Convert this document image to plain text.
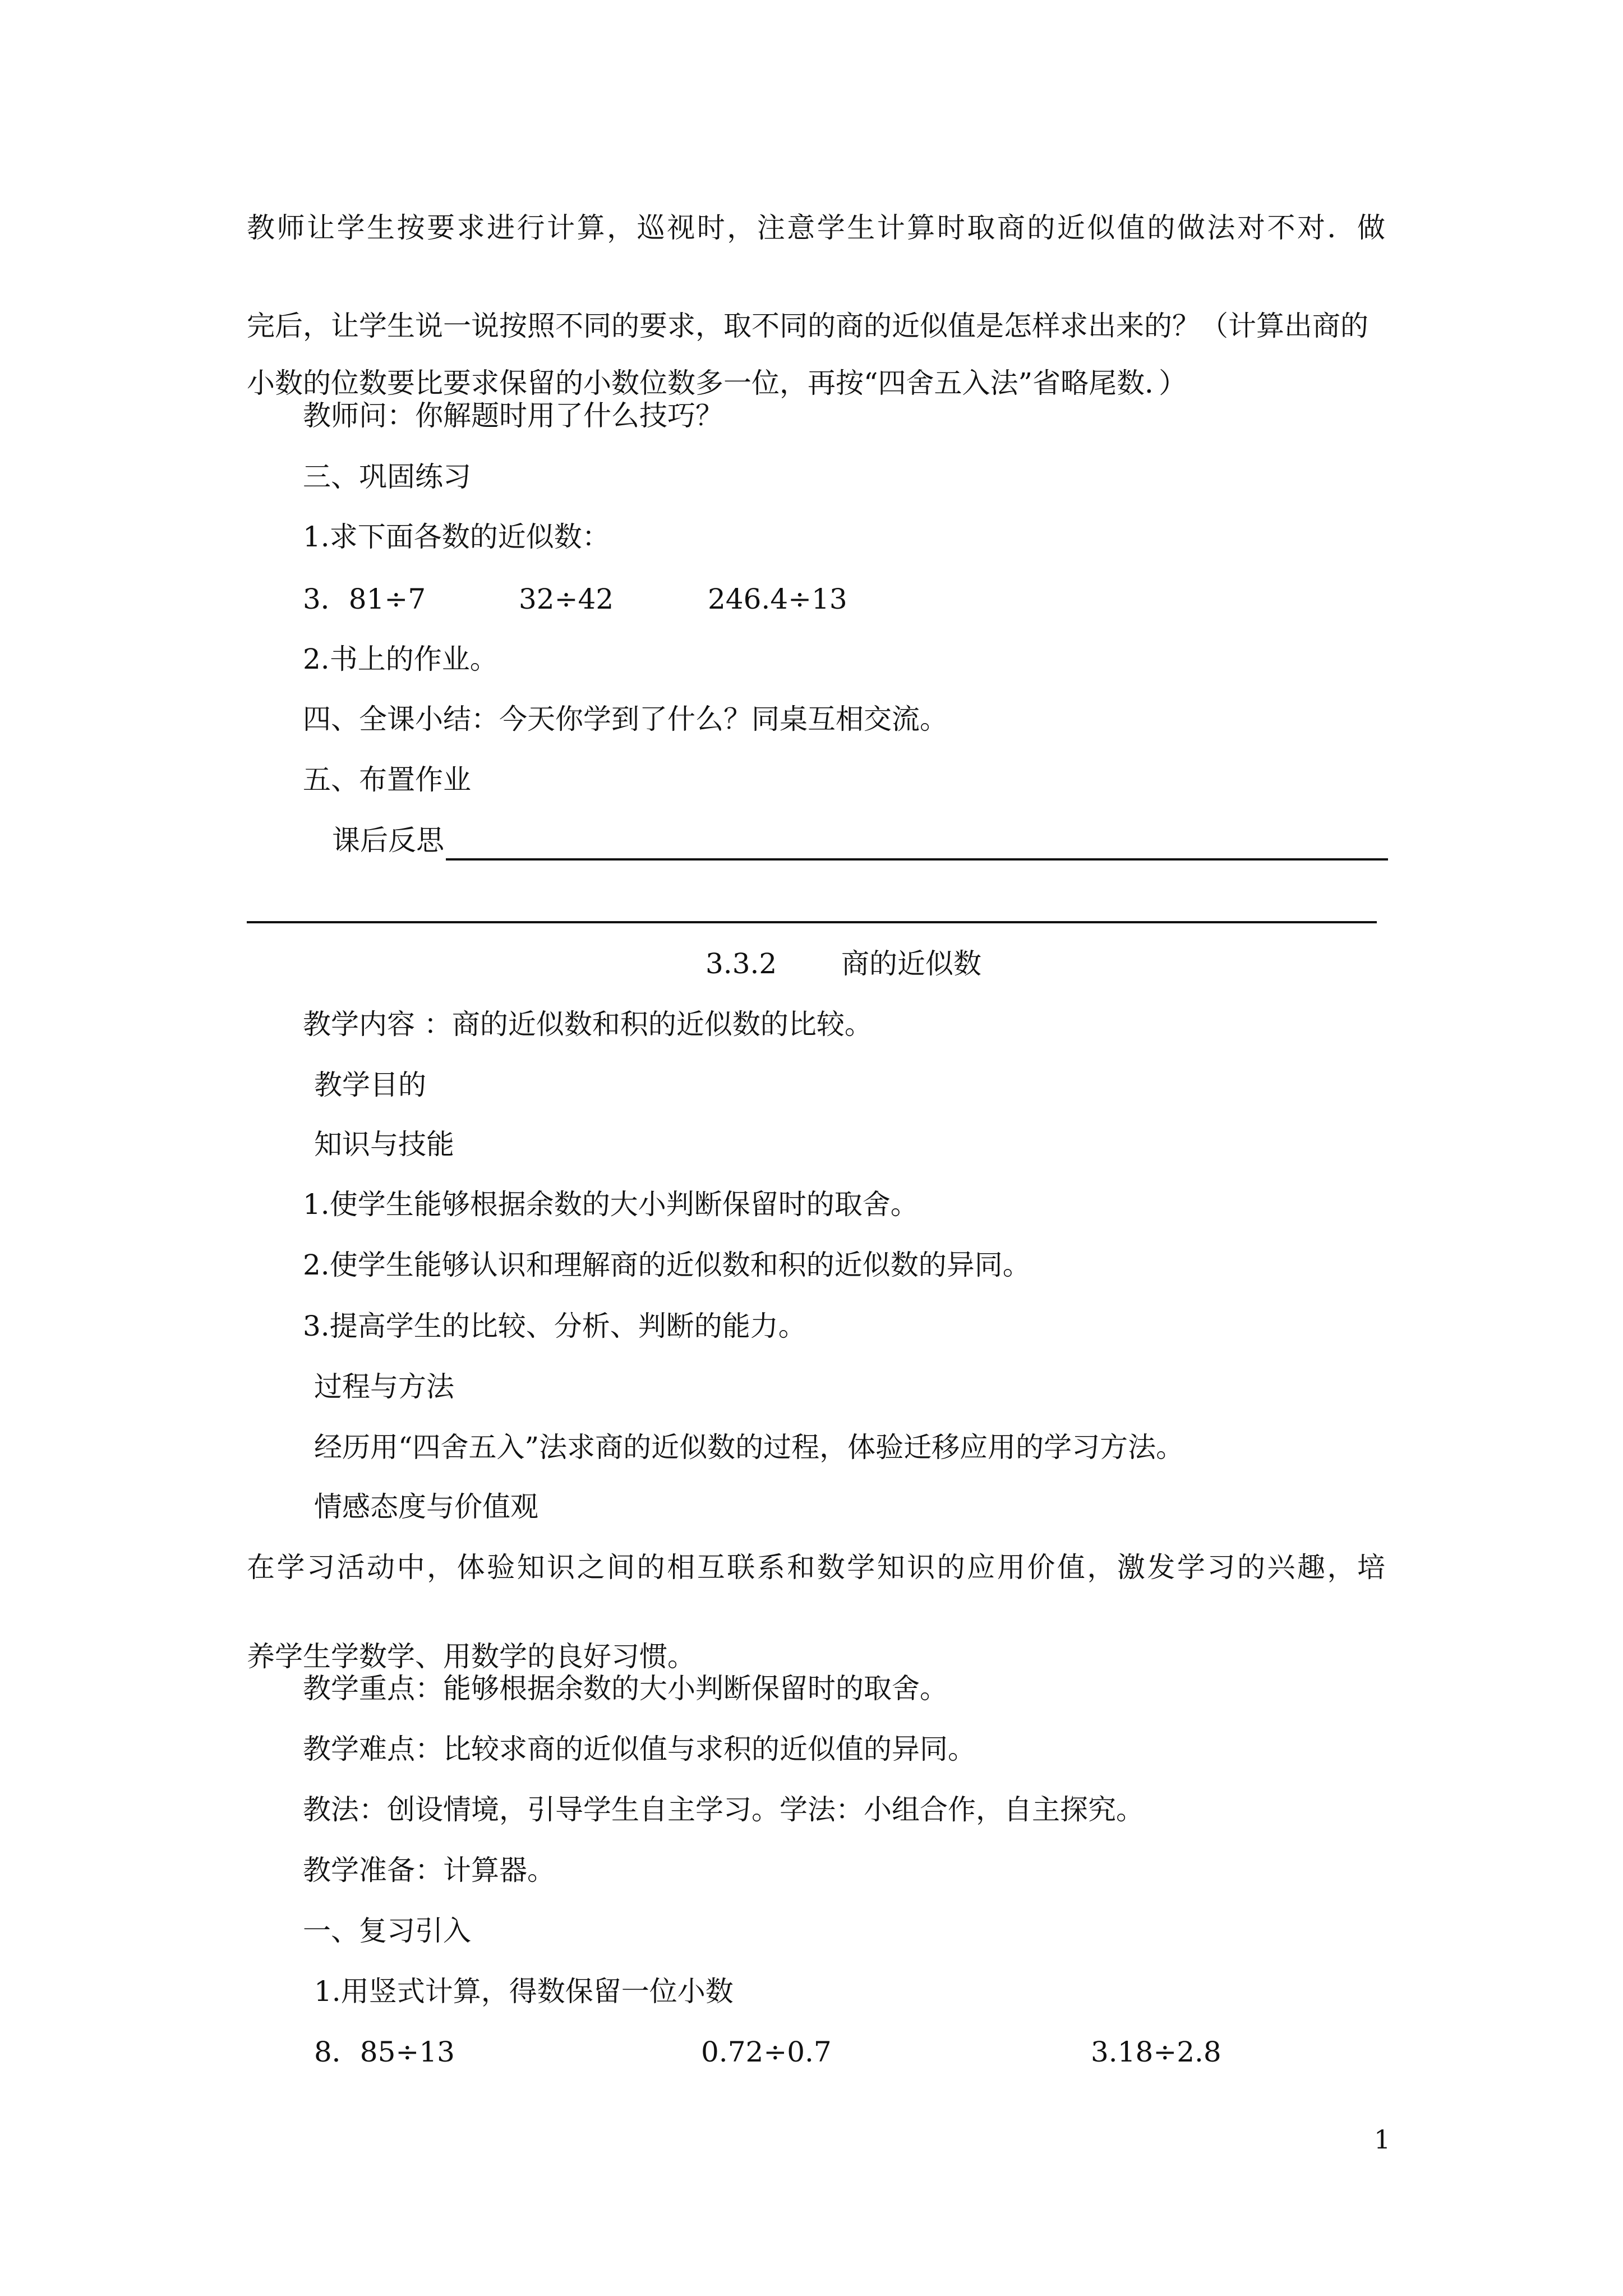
教师让学生按要求进行计算，巡视时，注意学生计算时取商的近似值的做法对不对．做

完后，让学生说一说按照不同的要求，取不同的商的近似值是怎样求出来的？（计算出商的

小数的位数要比要求保留的小数位数多一位，再按“四舍五入法”省略尾数．）

教师问：你解题时用了什么技巧？

三、巩固练习

1.求下面各数的近似数：

3．81÷7	32÷42	246.4÷13

2.书上的作业。

四、全课小结：今天你学到了什么？同桌互相交流。

五、布置作业

课后反思

3.3.2 商的近似数

教学内容 ：商的近似数和积的近似数的比较。

教学目的

知识与技能

1.使学生能够根据余数的大小判断保留时的取舍。

2.使学生能够认识和理解商的近似数和积的近似数的异同。

3.提高学生的比较、分析、判断的能力。

过程与方法

经历用“四舍五入”法求商的近似数的过程，体验迁移应用的学习方法。

情感态度与价值观

在学习活动中，体验知识之间的相互联系和数学知识的应用价值，激发学习的兴趣，培

养学生学数学、用数学的良好习惯。

教学重点：能够根据余数的大小判断保留时的取舍。

教学难点：比较求商的近似值与求积的近似值的异同。

教法：创设情境，引导学生自主学习。学法：小组合作，自主探究。

教学准备：计算器。

一、复习引入

1.用竖式计算，得数保留一位小数

8．85÷13	0.72÷0.7	3.18÷2.8
1
